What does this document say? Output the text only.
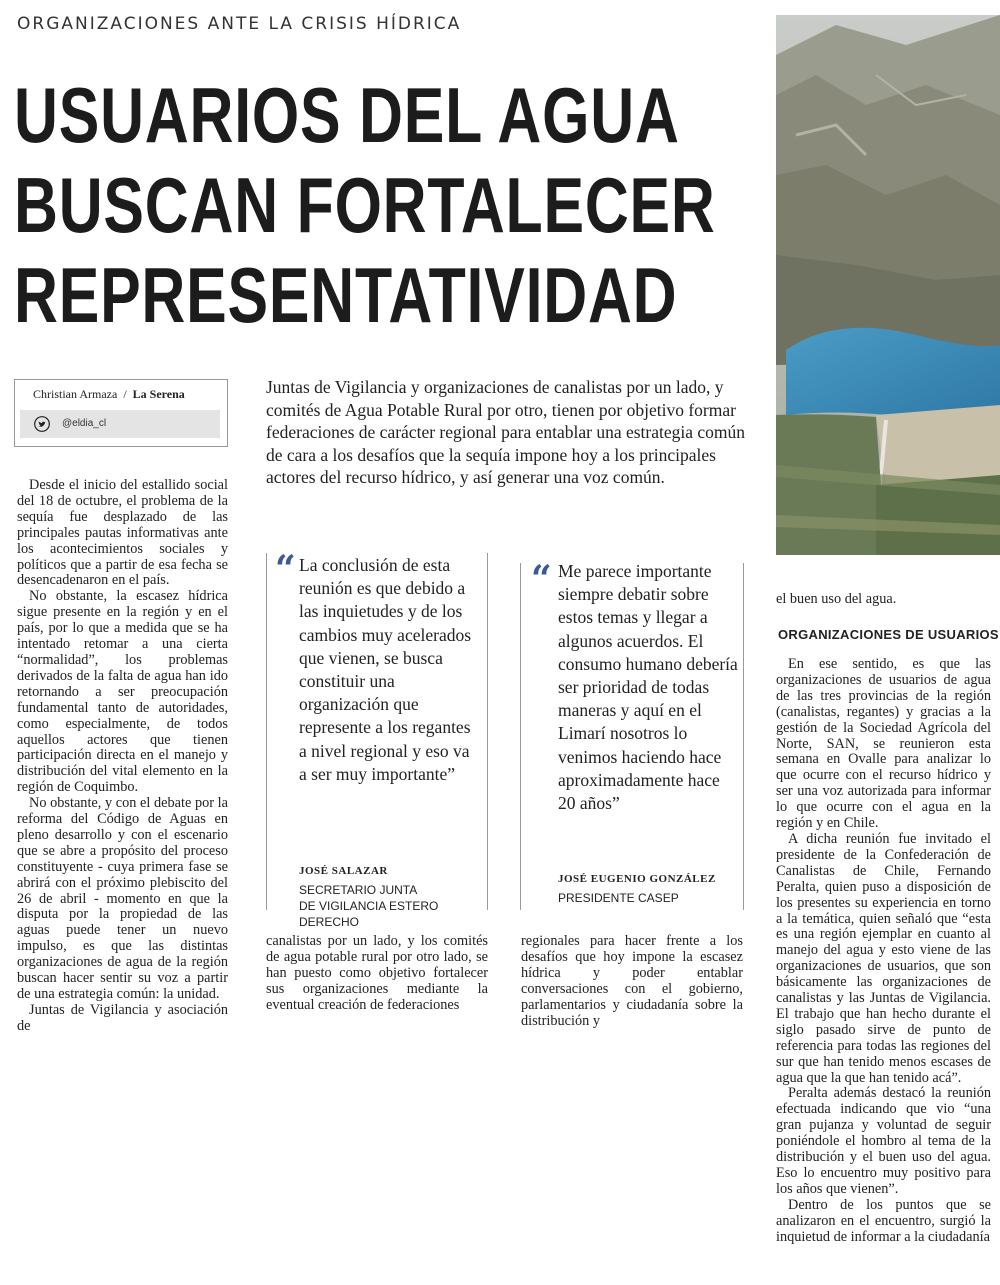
ORGANIZACIONES ANTE LA CRISIS HÍDRICA
USUARIOS DEL AGUA
BUSCAN FORTALECER
REPRESENTATIVIDAD
Christian Armaza / La Serena
@eldia_cl
Juntas de Vigilancia y organizaciones de canalistas por un lado, y comités de Agua Potable Rural por otro, tienen por objetivo formar federaciones de carácter regional para entablar una estrategia común de cara a los desafíos que la sequía impone hoy a los principales actores del recurso hídrico, y así generar una voz común.

Desde el inicio del estallido social del 18 de octubre, el problema de la sequía fue desplazado de las principales pautas informativas ante los acontecimientos sociales y políticos que a partir de esa fecha se desencadenaron en el país.

No obstante, la escasez hídrica sigue presente en la región y en el país, por lo que a medida que se ha intentado retomar a una cierta “normalidad”, los problemas derivados de la falta de agua han ido retornando a ser preocupación fundamental tanto de autoridades, como especialmente, de todos aquellos actores que tienen participación directa en el manejo y distribución del vital elemento en la región de Coquimbo.

No obstante, y con el debate por la reforma del Código de Aguas en pleno desarrollo y con el escenario que se abre a propósito del proceso constituyente - cuya primera fase se abrirá con el próximo plebiscito del 26 de abril - momento en que la disputa por la propiedad de las aguas puede tener un nuevo impulso, es que las distintas organizaciones de agua de la región buscan hacer sentir su voz a partir de una estrategia común: la unidad.

Juntas de Vigilancia y asociación de

“ La conclusión de esta reunión es que debido a las inquietudes y de los cambios muy acelerados que vienen, se busca constituir una organización que represente a los regantes a nivel regional y eso va a ser muy importante”
JOSÉ SALAZAR
SECRETARIO JUNTA
DE VIGILANCIA ESTERO DERECHO
“ Me parece importante siempre debatir sobre estos temas y llegar a algunos acuerdos. El consumo humano debería ser prioridad de todas maneras y aquí en el Limarí nosotros lo venimos haciendo hace aproximadamente hace 20 años”
JOSÉ EUGENIO GONZÁLEZ
PRESIDENTE CASEP
canalistas por un lado, y los comités de agua potable rural por otro lado, se han puesto como objetivo fortalecer sus organizaciones mediante la eventual creación de federaciones
regionales para hacer frente a los desafíos que hoy impone la escasez hídrica y poder entablar conversaciones con el gobierno, parlamentarios y ciudadanía sobre la distribución y
el buen uso del agua.
ORGANIZACIONES DE USUARIOS

En ese sentido, es que las organizaciones de usuarios de agua de las tres provincias de la región (canalistas, regantes) y gracias a la gestión de la Sociedad Agrícola del Norte, SAN, se reunieron esta semana en Ovalle para analizar lo que ocurre con el recurso hídrico y ser una voz autorizada para informar lo que ocurre con el agua en la región y en Chile.

A dicha reunión fue invitado el presidente de la Confederación de Canalistas de Chile, Fernando Peralta, quien puso a disposición de los presentes su experiencia en torno a la temática, quien señaló que “esta es una región ejemplar en cuanto al manejo del agua y esto viene de las organizaciones de usuarios, que son básicamente las organizaciones de canalistas y las Juntas de Vigilancia. El trabajo que han hecho durante el siglo pasado sirve de punto de referencia para todas las regiones del sur que han tenido menos escases de agua que la que han tenido acá”.

Peralta además destacó la reunión efectuada indicando que vio “una gran pujanza y voluntad de seguir poniéndole el hombro al tema de la distribución y el buen uso del agua. Eso lo encuentro muy positivo para los años que vienen”.

Dentro de los puntos que se analizaron en el encuentro, surgió la inquietud de informar a la ciudadanía
